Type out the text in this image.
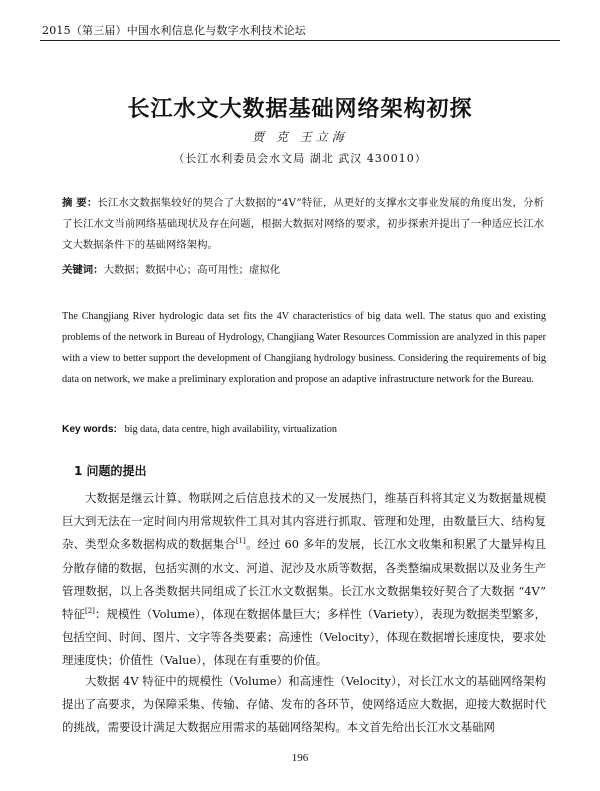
2015（第三届）中国水利信息化与数字水利技术论坛
长江水文大数据基础网络架构初探
贾 克 王立海
（长江水利委员会水文局 湖北 武汉 430010）
摘 要：长江水文数据集较好的契合了大数据的“4V”特征，从更好的支撑水文事业发展的角度出发，分析了长江水文当前网络基础现状及存在问题，根据大数据对网络的要求，初步探索并提出了一种适应长江水文大数据条件下的基础网络架构。
关键词：大数据；数据中心；高可用性；虚拟化
The Changjiang River hydrologic data set fits the 4V characteristics of big data well. The status quo and existing problems of the network in Bureau of Hydrology, Changjiang Water Resources Commission are analyzed in this paper with a view to better support the development of Changjiang hydrology business. Considering the requirements of big data on network, we make a preliminary exploration and propose an adaptive infrastructure network for the Bureau.
Key words: big data, data centre, high availability, virtualization
1 问题的提出
大数据是继云计算、物联网之后信息技术的又一发展热门，维基百科将其定义为数据量规模巨大到无法在一定时间内用常规软件工具对其内容进行抓取、管理和处理，由数量巨大、结构复杂、类型众多数据构成的数据集合[1]。经过 60 多年的发展，长江水文收集和积累了大量异构且分散存储的数据，包括实测的水文、河道、泥沙及水质等数据，各类整编成果数据以及业务生产管理数据，以上各类数据共同组成了长江水文数据集。长江水文数据集较好契合了大数据 “4V” 特征[2]：规模性（Volume），体现在数据体量巨大；多样性（Variety），表现为数据类型繁多，包括空间、时间、图片、文字等各类要素；高速性（Velocity），体现在数据增长速度快，要求处理速度快；价值性（Value），体现在有重要的价值。
大数据 4V 特征中的规模性（Volume）和高速性（Velocity），对长江水文的基础网络架构提出了高要求，为保障采集、传输、存储、发布的各环节，使网络适应大数据，迎接大数据时代的挑战，需要设计满足大数据应用需求的基础网络架构。本文首先给出长江水文基础网
196
